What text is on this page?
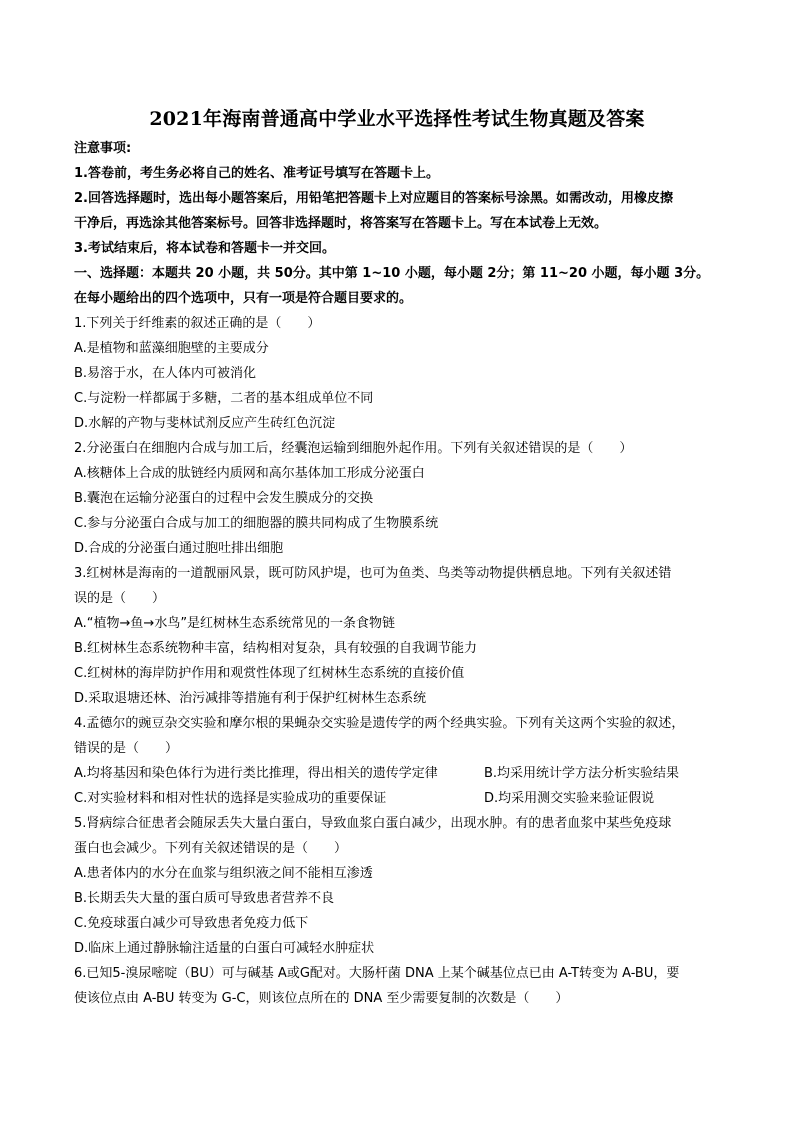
2021年海南普通高中学业水平选择性考试生物真题及答案
注意事项:
1.答卷前，考生务必将自己的姓名、准考证号填写在答题卡上。
2.回答选择题时，选出每小题答案后，用铅笔把答题卡上对应题目的答案标号涂黑。如需改动，用橡皮擦
干净后，再选涂其他答案标号。回答非选择题时，将答案写在答题卡上。写在本试卷上无效。
3.考试结束后，将本试卷和答题卡一并交回。
一、选择题：本题共 20 小题，共 50分。其中第 1~10 小题，每小题 2分；第 11~20 小题，每小题 3分。
在每小题给出的四个选项中，只有一项是符合题目要求的。
1.下列关于纤维素的叙述正确的是（　　）
A.是植物和蓝藻细胞壁的主要成分
B.易溶于水，在人体内可被消化
C.与淀粉一样都属于多糖，二者的基本组成单位不同
D.水解的产物与斐林试剂反应产生砖红色沉淀
2.分泌蛋白在细胞内合成与加工后，经囊泡运输到细胞外起作用。下列有关叙述错误的是（　　）
A.核糖体上合成的肽链经内质网和高尔基体加工形成分泌蛋白
B.囊泡在运输分泌蛋白的过程中会发生膜成分的交换
C.参与分泌蛋白合成与加工的细胞器的膜共同构成了生物膜系统
D.合成的分泌蛋白通过胞吐排出细胞
3.红树林是海南的一道靓丽风景，既可防风护堤，也可为鱼类、鸟类等动物提供栖息地。下列有关叙述错
误的是（　　）
A.“植物→鱼→水鸟”是红树林生态系统常见的一条食物链
B.红树林生态系统物种丰富，结构相对复杂，具有较强的自我调节能力
C.红树林的海岸防护作用和观赏性体现了红树林生态系统的直接价值
D.采取退塘还林、治污减排等措施有利于保护红树林生态系统
4.孟德尔的豌豆杂交实验和摩尔根的果蝇杂交实验是遗传学的两个经典实验。下列有关这两个实验的叙述，
错误的是（　　）
A.均将基因和染色体行为进行类比推理，得出相关的遗传学定律	B.均采用统计学方法分析实验结果
C.对实验材料和相对性状的选择是实验成功的重要保证	D.均采用测交实验来验证假说
5.肾病综合征患者会随尿丢失大量白蛋白，导致血浆白蛋白减少，出现水肿。有的患者血浆中某些免疫球
蛋白也会减少。下列有关叙述错误的是（　　）
A.患者体内的水分在血浆与组织液之间不能相互渗透
B.长期丢失大量的蛋白质可导致患者营养不良
C.免疫球蛋白减少可导致患者免疫力低下
D.临床上通过静脉输注适量的白蛋白可减轻水肿症状
6.已知5-溴尿嘧啶（BU）可与碱基 A或G配对。大肠杆菌 DNA 上某个碱基位点已由 A-T转变为 A-BU，要
使该位点由 A-BU 转变为 G-C，则该位点所在的 DNA 至少需要复制的次数是（　　）
